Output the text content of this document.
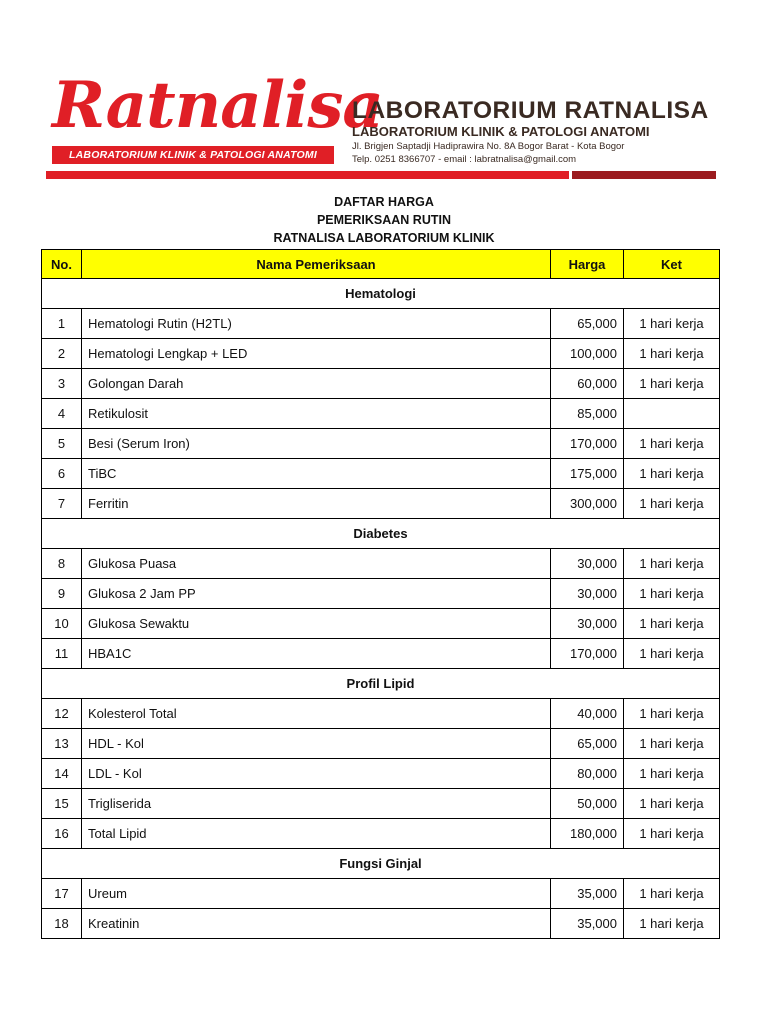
Ratnalisa
LABORATORIUM KLINIK & PATOLOGI ANATOMI
LABORATORIUM RATNALISA
LABORATORIUM KLINIK & PATOLOGI ANATOMI
Jl. Brigjen Saptadji Hadiprawira No. 8A Bogor Barat - Kota Bogor
Telp. 0251 8366707 - email : labratnalisa@gmail.com
DAFTAR HARGA
PEMERIKSAAN RUTIN
RATNALISA LABORATORIUM KLINIK
No.	Nama Pemeriksaan	Harga	Ket
Hematologi			
1	Hematologi Rutin (H2TL)	65,000	1 hari kerja
2	Hematologi Lengkap + LED	100,000	1 hari kerja
3	Golongan Darah	60,000	1 hari kerja
4	Retikulosit	85,000	
5	Besi (Serum Iron)	170,000	1 hari kerja
6	TiBC	175,000	1 hari kerja
7	Ferritin	300,000	1 hari kerja
Diabetes			
8	Glukosa Puasa	30,000	1 hari kerja
9	Glukosa 2 Jam PP	30,000	1 hari kerja
10	Glukosa Sewaktu	30,000	1 hari kerja
11	HBA1C	170,000	1 hari kerja
Profil Lipid			
12	Kolesterol Total	40,000	1 hari kerja
13	HDL - Kol	65,000	1 hari kerja
14	LDL - Kol	80,000	1 hari kerja
15	Trigliserida	50,000	1 hari kerja
16	Total Lipid	180,000	1 hari kerja
Fungsi Ginjal			
17	Ureum	35,000	1 hari kerja
18	Kreatinin	35,000	1 hari kerja
